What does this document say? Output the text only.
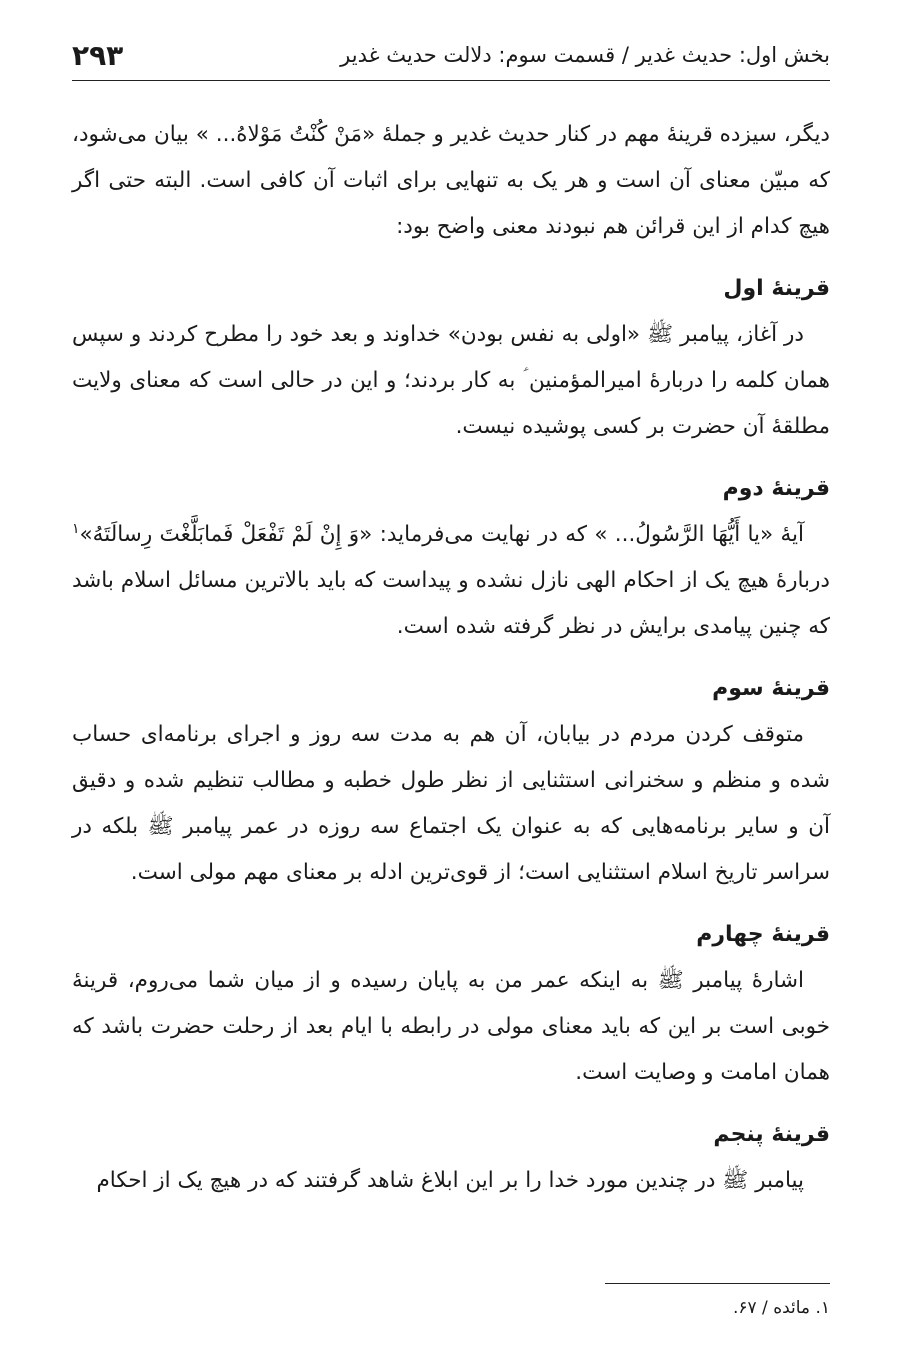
بخش اول: حدیث غدیر / قسمت سوم: دلالت حدیث غدیر
۲۹۳

دیگر، سیزده قرینهٔ مهم در کنار حدیث غدیر و جملهٔ «مَنْ کُنْتُ مَوْلاهُ... » بیان می‌شود، که مبیّن معنای آن است و هر یک به تنهایی برای اثبات آن کافی است. البته حتی اگر هیچ کدام از این قرائن هم نبودند معنی واضح بود:

قرینهٔ اول

در آغاز، پیامبر ﷺ «اولی به نفس بودن» خداوند و بعد خود را مطرح کردند و سپس همان کلمه را دربارهٔ امیرالمؤمنین ؑ به کار بردند؛ و این در حالی است که معنای ولایت مطلقهٔ آن حضرت بر کسی پوشیده نیست.

قرینهٔ دوم

آیهٔ «یا أَیُّهَا الرَّسُولُ... » که در نهایت می‌فرماید: «وَ إِنْ لَمْ تَفْعَلْ فَمابَلَّغْتَ رِسالَتَهُ»$^۱$ دربارهٔ هیچ یک از احکام الهی نازل نشده و پیداست که باید بالاترین مسائل اسلام باشد که چنین پیامدی برایش در نظر گرفته شده است.

قرینهٔ سوم

متوقف کردن مردم در بیابان، آن هم به مدت سه روز و اجرای برنامه‌ای حساب شده و منظم و سخنرانی استثنایی از نظر طول خطبه و مطالب تنظیم شده و دقیق آن و سایر برنامه‌هایی که به عنوان یک اجتماع سه روزه در عمر پیامبر ﷺ بلکه در سراسر تاریخ اسلام استثنایی است؛ از قوی‌ترین ادله بر معنای مهم مولی است.

قرینهٔ چهارم

اشارهٔ پیامبر ﷺ به اینکه عمر من به پایان رسیده و از میان شما می‌روم، قرینهٔ خوبی است بر این که باید معنای مولی در رابطه با ایام بعد از رحلت حضرت باشد که همان امامت و وصایت است.

قرینهٔ پنجم

پیامبر ﷺ در چندین مورد خدا را بر این ابلاغ شاهد گرفتند که در هیچ یک از احکام

۱. مائده / ۶۷.
